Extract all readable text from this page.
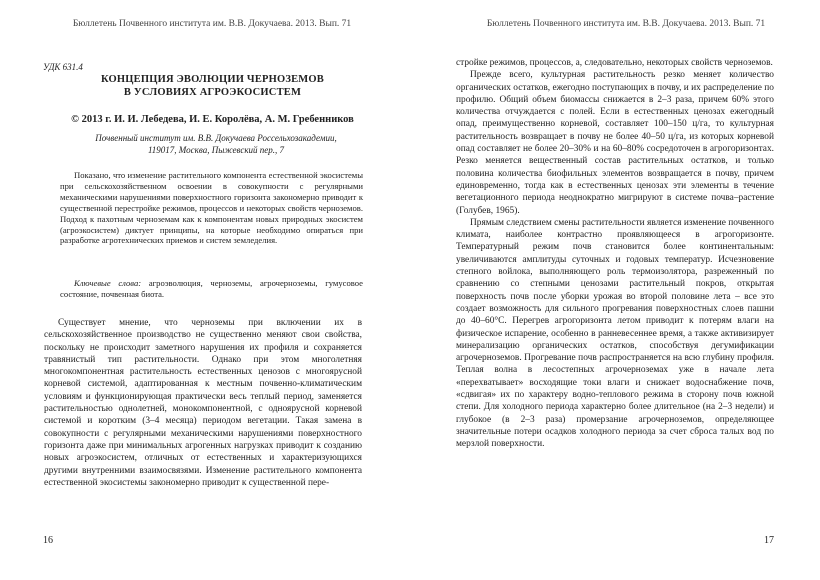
Бюллетень Почвенного института им. В.В. Докучаева. 2013. Вып. 71
УДК 631.4
КОНЦЕПЦИЯ ЭВОЛЮЦИИ ЧЕРНОЗЕМОВ
В УСЛОВИЯХ АГРОЭКОСИСТЕМ
© 2013 г. И. И. Лебедева, И. Е. Королёва, А. М. Гребенников
Почвенный институт им. В.В. Докучаева Россельхозакадемии,
119017, Москва, Пыжевский пер., 7
Показано, что изменение растительного компонента естественной экосистемы при сельскохозяйственном освоении в совокупности с регулярными механическими нарушениями поверхностного горизонта закономерно приводит к существенной перестройке режимов, процессов и некоторых свойств черноземов. Подход к пахотным черноземам как к компонентам новых природных экосистем (агроэкосистем) диктует принципы, на которые необходимо опираться при разработке агротехнических приемов и систем земледелия.
Ключевые слова: агроэволюция, черноземы, агрочерноземы, гумусовое состояние, почвенная биота.
Существует мнение, что черноземы при включении их в сельскохозяйственное производство не существенно меняют свои свойства, поскольку не происходит заметного нарушения их профиля и сохраняется травянистый тип растительности. Однако при этом многолетняя многокомпонентная растительность естественных ценозов с многоярусной корневой системой, адаптированная к местным почвенно-климатическим условиям и функционирующая практически весь теплый период, заменяется растительностью однолетней, монокомпонентной, с одноярусной корневой системой и коротким (3–4 месяца) периодом вегетации. Такая замена в совокупности с регулярными механическими нарушениями поверхностного горизонта даже при минимальных агрогенных нагрузках приводит к созданию новых агроэкосистем, отличных от естественных и характеризующихся другими внутренними взаимосвязями. Изменение растительного компонента естественной экосистемы закономерно приводит к существенной пере-
16
Бюллетень Почвенного института им. В.В. Докучаева. 2013. Вып. 71

стройке режимов, процессов, а, следовательно, некоторых свойств черноземов.

Прежде всего, культурная растительность резко меняет количество органических остатков, ежегодно поступающих в почву, и их распределение по профилю. Общий объем биомассы снижается в 2–3 раза, причем 60% этого количества отчуждается с полей. Если в естественных ценозах ежегодный опад, преимущественно корневой, составляет 100–150 ц/га, то культурная растительность возвращает в почву не более 40–50 ц/га, из которых корневой опад составляет не более 20–30% и на 60–80% сосредоточен в агрогоризонтах. Резко меняется вещественный состав растительных остатков, и только половина количества биофильных элементов возвращается в почву, причем единовременно, тогда как в естественных ценозах эти элементы в течение вегетационного периода неоднократно мигрируют в системе почва–растение (Голубев, 1965).

Прямым следствием смены растительности является изменение почвенного климата, наиболее контрастно проявляющееся в агрогоризонте. Температурный режим почв становится более континентальным: увеличиваются амплитуды суточных и годовых температур. Исчезновение степного войлока, выполняющего роль термоизолятора, разреженный по сравнению со степными ценозами растительный покров, открытая поверхность почв после уборки урожая во второй половине лета – все это создает возможность для сильного прогревания поверхностных слоев пашни до 40–60°С. Перегрев агрогоризонта летом приводит к потерям влаги на физическое испарение, особенно в ранневесеннее время, а также активизирует минерализацию органических остатков, способствуя дегумификации агрочерноземов. Прогревание почв распространяется на всю глубину профиля. Теплая волна в лесостепных агрочерноземах уже в начале лета «перехватывает» восходящие токи влаги и снижает водоснабжение почв, «сдвигая» их по характеру водно-теплового режима в сторону почв южной степи. Для холодного периода характерно более длительное (на 2–3 недели) и глубокое (в 2–3 раза) промерзание агрочерноземов, определяющее значительные потери осадков холодного периода за счет сброса талых вод по мерзлой поверхности.

17
